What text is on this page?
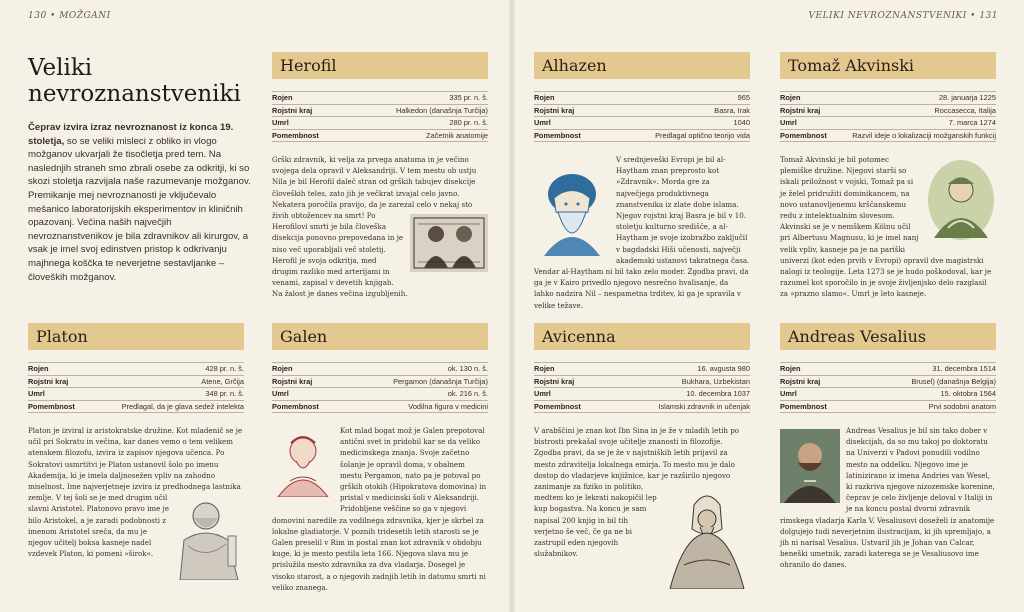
130 • MOŽGANI	VELIKI NEVROZNANSTVENIKI • 131
Veliki
nevroznanstveniki

Čeprav izvira izraz nevroznanost iz konca 19. stoletja, so se veliki misleci z obliko in vlogo možganov ukvarjali že tisočletja pred tem. Na naslednjih straneh smo zbrali osebe za odkritji, ki so skozi stoletja razvijala naše razumevanje možganov. Premikanje mej nevroznanosti je vključevalo mešanico laboratorijskih eksperimentov in kliničnih opazovanj. Večina naših največjih nevroznanstvenikov je bila zdravnikov ali kirurgov, a vsak je imel svoj edinstven pristop k odkrivanju majhnega koščka te neverjetne sestavljanke – človeških možganov.

Herofil
Rojen	335 pr. n. š.
Rojstni kraj	Halkedon (današnja Turčija)
Umrl	280 pr. n. š.
Pomembnost	Začetnik anatomije
Grški zdravnik, ki velja za prvega anatoma in je večino svojega dela opravil v Aleksandriji. V tem mestu ob ustju Nila je bil Herofil daleč stran od grških tabujev disekcije človeških teles, zato jih je večkrat izvajal celo javno. Nekatera poročila pravijo, da je zarezal celo v nekaj sto živih obtožencev na smrt! Po
Herofilovi smrti je bila človeška disekcija ponovno prepovedana in je niso več uporabljali več stoletij. Herofil je svoja odkritja, med drugim razliko med arterijami in venami, zapisal v devetih knjigah. Na žalost je danes večina izgubljenih.
Alhazen
Rojen	965
Rojstni kraj	Basra, Irak
Umrl	1040
Pomembnost	Predlagal optično teorijo vida
V srednjeveški Evropi je bil al-Haytham znan preprosto kot »Zdravnik«. Morda gre za največjega produktivnega znanstvenika iz zlate dobe islama. Njegov rojstni kraj Basra je bil v 10. stoletju kulturno središče, a al-Haytham je svoje izobražbo zaključil v bagdadski Hiši učenosti, največji akademski ustanovi takratnega časa. Vendar al-Haytham ni bil tako zelo moder. Zgodba pravi, da ga je v Kairo privedlo njegovo nesrečno hvalisanje, da lahko nadzira Nil – nespametna trditev, ki ga je spravila v velike težave.
Tomaž Akvinski
Rojen	28. januarja 1225
Rojstni kraj	Roccasecca, Italija
Umrl	7. marca 1274
Pomembnost	Razvil ideje o lokalizaciji možganskih funkcij
Tomaž Akvinski je bil potomec plemiške družine. Njegovi starši so iskali priložnost v vojski, Tomaž pa si je želel pridružiti dominikancem, na novo ustanovljenemu krščanskemu redu z intelektualnim slovesom. Akvinski se je v nemškem Kölnu učil pri Albertusu Magnusu, ki je imel nanj velik vpliv, kasneje pa je na pariški univerzi (kot eden prvih v Evropi) opravil dve magistrski nalogi iz teologije. Leta 1273 se je hudo poškodoval, kar je razumel kot sporočilo in je svoje življenjsko delo razglasil za »prazno slamo«. Umrl je leto kasneje.
Platon
Rojen	428 pr. n. š.
Rojstni kraj	Atene, Grčija
Umrl	348 pr. n. š.
Pomembnost	Predlagal, da je glava sedež intelekta
Platon je izviral iz aristokratske družine. Kot mladenič se je učil pri Sokratu in večina, kar danes vemo o tem velikem atenskem filozofu, izvira iz zapisov njegova učenca. Po Sokratovi usmrtitvi je Platon ustanovil šolo po imenu Akademija, ki je imela daljnosežen vpliv na zahodno miselnost. Ime najverjetneje izvira iz predhodnega lastnika zemlje. V
tej šoli se je med drugim učil slavni Aristotel. Platonovo pravo ime je bilo Aristokel, a je zaradi podobnosti z imenom Aristotel sreča, da mu je njegov učitelj boksa kasneje nadel vzdevek Platon, ki pomeni »širok«.
Galen
Rojen	ok. 130 n. š.
Rojstni kraj	Pergamon (današnja Turčija)
Umrl	ok. 216 n. š.
Pomembnost	Vodilna figura v medicini
Kot mlad bogat mož je Galen prepotoval antični svet in pridobil kar se da veliko medicinskega znanja. Svoje začetno šolanje je opravil doma, v obalnem mestu Pergamon, nato pa je potoval po grških otokih (Hipokratova domovina) in pristal v medicinski šoli v Aleksandriji. Pridobljene veščine so ga v njegovi domovini naredile za vodilnega zdravnika, kjer je skrbel za lokalne gladiatorje. V poznih tridesetih letih starosti se je Galen preselil v Rim in postal znan kot zdravnik v obdobju kuge, ki je mesto pestila leta 166. Njegova slava mu je prislužila mesto zdravnika za dva vladarja. Dosegel je visoko starost, a o njegovih zadnjih letih in datumu smrti ni veliko znanega.
Avicenna
Rojen	16. avgusta 980
Rojstni kraj	Bukhara, Uzbekistan
Umrl	10. decembra 1037
Pomembnost	Islamski zdravnik in učenjak
V arabščini je znan kot Ibn Sina in je že v mladih letih po bistrosti prekašal svoje učitelje znanosti in filozofije. Zgodba pravi, da se je že v najstniških letih prijavil za mesto zdravitelja lokalnega emirja. To mesto mu je dalo dostop do vladarjeve knjižnice, kar je razširilo njegovo
zanimanje za fiziko in politiko, medtem ko je lekrati nakopičil lep kup bogastva. Na koncu je sam napisal 200 knjig in bil tih verjetno še več, če ga ne bi zastrupil eden njegovih služabnikov.
Andreas Vesalius
Rojen	31. decembra 1514
Rojstni kraj	Brusel) (današnja Belgija)
Umrl	15. oktobra 1564
Pomembnost	Prvi sodobni anatom
Andreas Vesalius je bil sin tako dober v disekcijah, da so mu takoj po doktoratu na Univerzi v Padovi ponudili vodilno mesto na oddelku. Njegovo ime je latinizirano iz imena Andries van Wesel, ki razkriva njegove nizozemske korenine, čeprav je celo življenje deloval v Italiji in je na koncu postal dvorni zdravnik rimskega vladarja Karla V. Vesaliusovi doseželi iz anatomije dolgujejo tudi neverjetnim ilustracijam, ki jih spremljajo, a jih ni narisal Vesalius. Ustvaril jih je Johan van Calcar, beneški umetnik, zaradi katerega se je Vesaliusovo ime ohranilo do danes.
